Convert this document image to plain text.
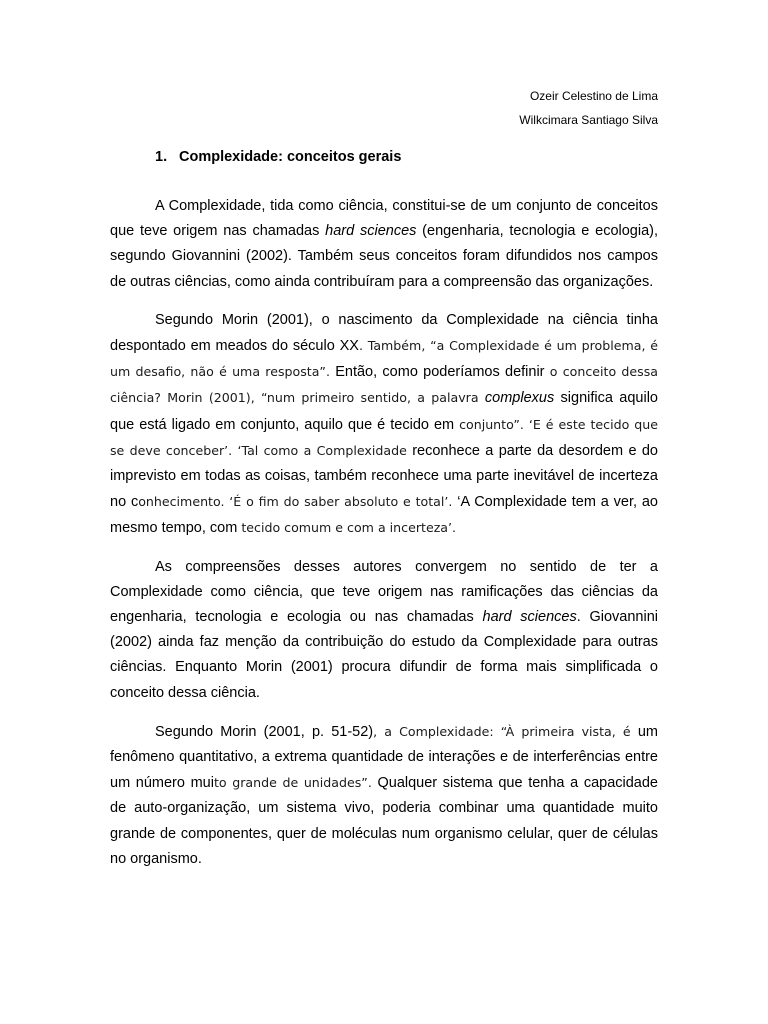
Ozeir Celestino de Lima
Wilkcimara Santiago Silva
1. Complexidade: conceitos gerais

A Complexidade, tida como ciência, constitui-se de um conjunto de conceitos que teve origem nas chamadas hard sciences (engenharia, tecnologia e ecologia), segundo Giovannini (2002). Também seus conceitos foram difundidos nos campos de outras ciências, como ainda contribuíram para a compreensão das organizações.

Segundo Morin (2001), o nascimento da Complexidade na ciência tinha despontado em meados do século XX. Também, “a Complexidade é um problema, é um desafio, não é uma resposta”. Então, como poderíamos definir o conceito dessa ciência? Morin (2001), “num primeiro sentido, a palavra complexus significa aquilo que está ligado em conjunto, aquilo que é tecido em conjunto”. ‘E é este tecido que se deve conceber’. ‘Tal como a Complexidade reconhece a parte da desordem e do imprevisto em todas as coisas, também reconhece uma parte inevitável de incerteza no conhecimento. ‘É o fim do saber absoluto e total’. ‘A Complexidade tem a ver, ao mesmo tempo, com tecido comum e com a incerteza’.

As compreensões desses autores convergem no sentido de ter a Complexidade como ciência, que teve origem nas ramificações das ciências da engenharia, tecnologia e ecologia ou nas chamadas hard sciences. Giovannini (2002) ainda faz menção da contribuição do estudo da Complexidade para outras ciências. Enquanto Morin (2001) procura difundir de forma mais simplificada o conceito dessa ciência.

Segundo Morin (2001, p. 51-52), a Complexidade: “À primeira vista, é um fenômeno quantitativo, a extrema quantidade de interações e de interferências entre um número muito grande de unidades”. Qualquer sistema que tenha a capacidade de auto-organização, um sistema vivo, poderia combinar uma quantidade muito grande de componentes, quer de moléculas num organismo celular, quer de células no organismo.
